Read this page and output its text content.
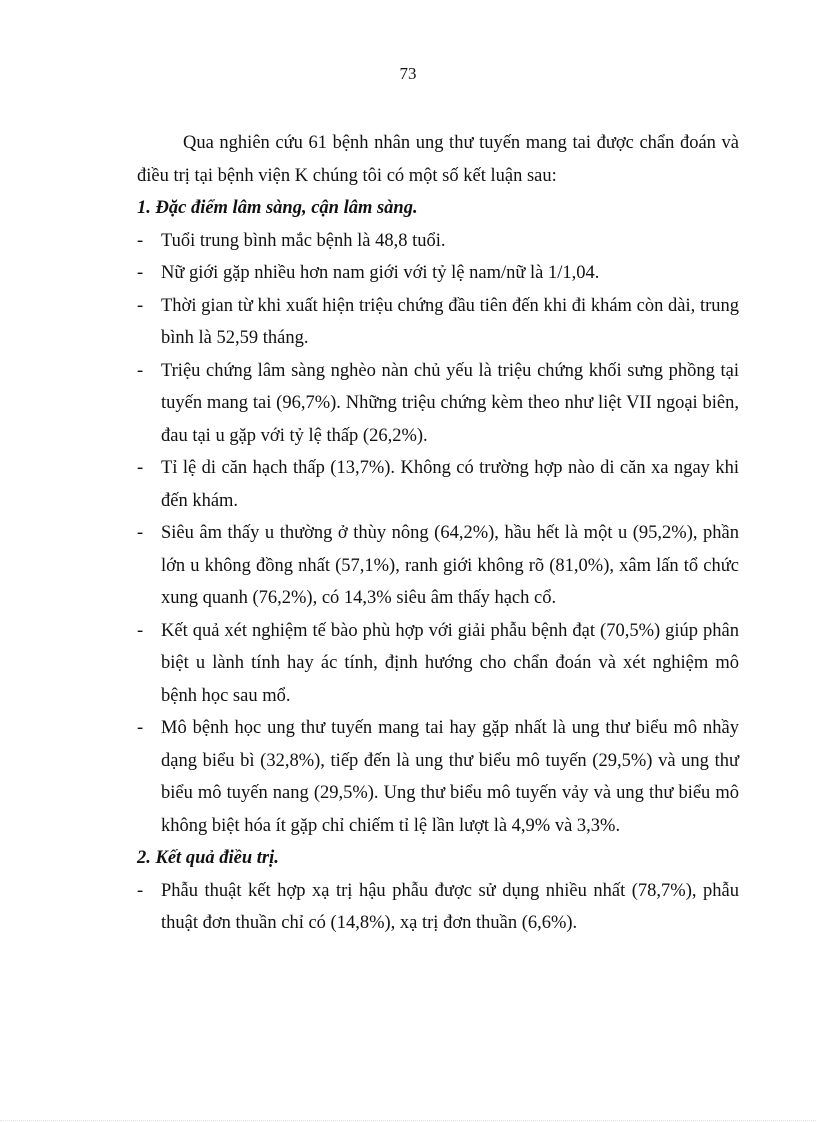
73

Qua nghiên cứu 61 bệnh nhân ung thư tuyến mang tai được chẩn đoán và điều trị tại bệnh viện K chúng tôi có một số kết luận sau:

1. Đặc điểm lâm sàng, cận lâm sàng.

- Tuổi trung bình mắc bệnh là 48,8 tuổi.
- Nữ giới gặp nhiều hơn nam giới với tỷ lệ nam/nữ là 1/1,04.
- Thời gian từ khi xuất hiện triệu chứng đầu tiên đến khi đi khám còn dài, trung bình là 52,59 tháng.
- Triệu chứng lâm sàng nghèo nàn chủ yếu là triệu chứng khối sưng phồng tại tuyến mang tai (96,7%). Những triệu chứng kèm theo như liệt VII ngoại biên, đau tại u gặp với tỷ lệ thấp (26,2%).
- Tỉ lệ di căn hạch thấp (13,7%). Không có trường hợp nào di căn xa ngay khi đến khám.
- Siêu âm thấy u thường ở thùy nông (64,2%), hầu hết là một u (95,2%), phần lớn u không đồng nhất (57,1%), ranh giới không rõ (81,0%), xâm lấn tổ chức xung quanh (76,2%), có 14,3% siêu âm thấy hạch cổ.
- Kết quả xét nghiệm tế bào phù hợp với giải phẫu bệnh đạt (70,5%) giúp phân biệt u lành tính hay ác tính, định hướng cho chẩn đoán và xét nghiệm mô bệnh học sau mổ.
- Mô bệnh học ung thư tuyến mang tai hay gặp nhất là ung thư biểu mô nhầy dạng biểu bì (32,8%), tiếp đến là ung thư biểu mô tuyến (29,5%) và ung thư biểu mô tuyến nang (29,5%). Ung thư biểu mô tuyến vảy và ung thư biểu mô không biệt hóa ít gặp chỉ chiếm tỉ lệ lần lượt là 4,9% và 3,3%.

2. Kết quả điều trị.

- Phẫu thuật kết hợp xạ trị hậu phẫu được sử dụng nhiều nhất (78,7%), phẫu thuật đơn thuần chỉ có (14,8%), xạ trị đơn thuần (6,6%).
